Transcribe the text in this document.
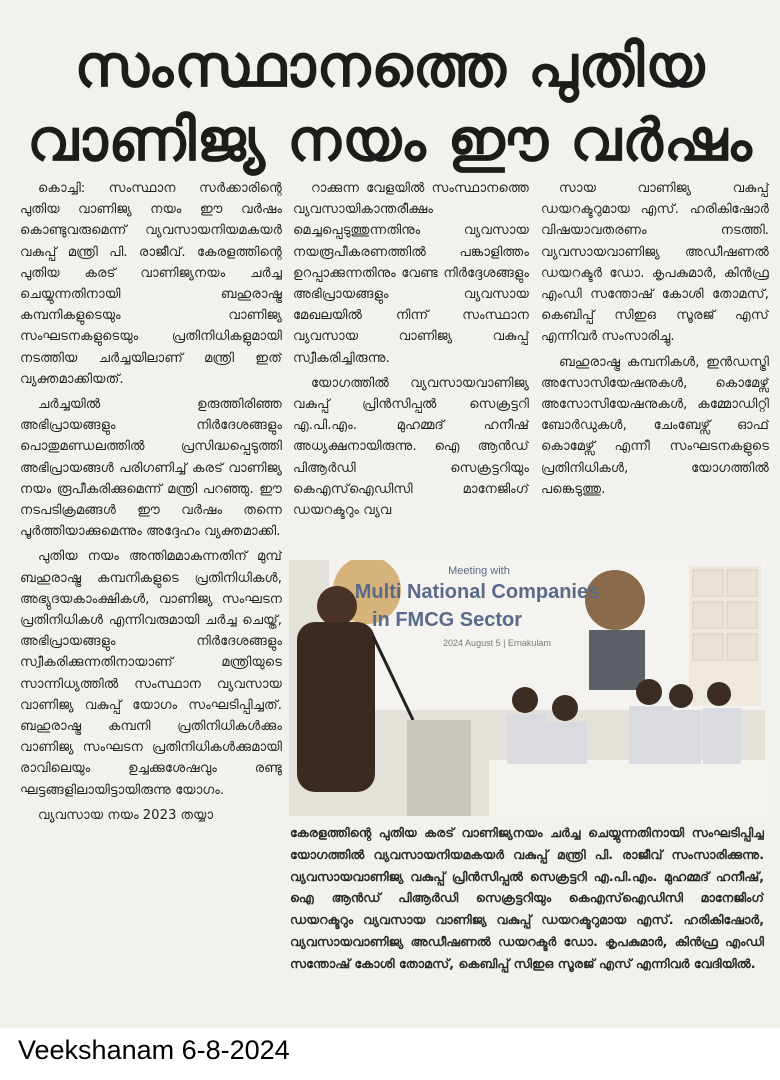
സംസ്ഥാനത്തെ പുതിയ
വാണിജ്യ നയം ഈ വർഷം

കൊച്ചി: സംസ്ഥാന സർക്കാരിന്റെ പുതിയ വാണിജ്യ നയം ഈ വർഷം കൊണ്ടുവരുമെന്ന് വ്യവസായനിയമകയർ വകുപ്പ് മന്ത്രി പി. രാജീവ്. കേരളത്തിന്റെ പുതിയ കരട് വാണിജ്യനയം ചർച്ച ചെയ്യുന്നതിനായി ബഹുരാഷ്ട്ര കമ്പനികളുടെയും വാണിജ്യ സംഘടനകളുടെയും പ്രതിനിധികളുമായി നടത്തിയ ചർച്ചയിലാണ് മന്ത്രി ഇത് വ്യക്തമാക്കിയത്.

ചർച്ചയിൽ ഉരുത്തിരിഞ്ഞ അഭിപ്രായങ്ങളും നിർദേശങ്ങളും പൊതുമണ്ഡലത്തിൽ പ്രസിദ്ധപ്പെടുത്തി അഭിപ്രായങ്ങൾ പരിഗണിച്ച് കരട് വാണിജ്യ നയം രൂപീകരിക്കുമെന്ന് മന്ത്രി പറഞ്ഞു. ഈ നടപടിക്രമങ്ങൾ ഈ വർഷം തന്നെ പൂർത്തിയാക്കുമെന്നും അദ്ദേഹം വ്യക്തമാക്കി.

പുതിയ നയം അന്തിമമാകുന്നതിന് മുമ്പ് ബഹുരാഷ്ട്ര കമ്പനികളുടെ പ്രതിനിധികൾ, അഭ്യുദയകാംക്ഷികൾ, വാണിജ്യ സംഘടന പ്രതിനിധികൾ എന്നിവരുമായി ചർച്ച ചെയ്ത്, അഭിപ്രായങ്ങളും നിർദേശങ്ങളും സ്വീകരിക്കുന്നതിനായാണ് മന്ത്രിയുടെ സാന്നിധ്യത്തിൽ സംസ്ഥാന വ്യവസായ വാണിജ്യ വകുപ്പ് യോഗം സംഘടിപ്പിച്ചത്. ബഹുരാഷ്ട്ര കമ്പനി പ്രതിനിധികൾക്കും വാണിജ്യ സംഘടന പ്രതിനിധികൾക്കുമായി രാവിലെയും ഉച്ചക്കുശേഷവും രണ്ടു ഘട്ടങ്ങളിലായിട്ടായിരുന്നു യോഗം.

വ്യവസായ നയം 2023 തയ്യാ

റാക്കുന്ന വേളയിൽ സംസ്ഥാനത്തെ വ്യവസായികാന്തരീക്ഷം മെച്ചപ്പെടുത്തുന്നതിനും വ്യവസായ നയരൂപീകരണത്തിൽ പങ്കാളിത്തം ഉറപ്പാക്കുന്നതിനും വേണ്ട നിർദ്ദേശങ്ങളും അഭിപ്രായങ്ങളും വ്യവസായ മേഖലയിൽ നിന്ന് സംസ്ഥാന വ്യവസായ വാണിജ്യ വകുപ്പ് സ്വീകരിച്ചിരുന്നു.

യോഗത്തിൽ വ്യവസായവാണിജ്യ വകുപ്പ് പ്രിൻസിപ്പൽ സെക്രട്ടറി എ.പി.എം. മുഹമ്മദ് ഹനീഷ് അധ്യക്ഷനായിരുന്നു. ഐ ആൻഡ് പിആർഡി സെക്രട്ടറിയും കെഎസ്ഐഡിസി മാനേജിംഗ് ഡയറക്ടറും വ്യവ

സായ വാണിജ്യ വകുപ്പ് ഡയറക്ടറുമായ എസ്. ഹരികിഷോർ വിഷയാവതരണം നടത്തി. വ്യവസായവാണിജ്യ അഡീഷണൽ ഡയറക്ടർ ഡോ. കൃപകുമാർ, കിൻഫ്ര എംഡി സന്തോഷ് കോശി തോമസ്, കെബിപ്പ് സിഇഒ സൂരജ് എസ് എന്നിവർ സംസാരിച്ചു.

ബഹുരാഷ്ട്ര കമ്പനികൾ, ഇൻഡസ്ട്രി അസോസിയേഷനുകൾ, കൊമേഴ്സ് അസോസിയേഷനുകൾ, കമ്മോഡിറ്റി ബോർഡുകൾ, ചേംബേഴ്സ് ഓഫ് കൊമേഴ്സ് എന്നീ സംഘടനകളുടെ പ്രതിനിധികൾ, യോഗത്തിൽ പങ്കെടുത്തു.

Meeting with
Multi National Companies
in FMCG Sector
2024 August 5 | Ernakulam
കേരളത്തിന്റെ പുതിയ കരട് വാണിജ്യനയം ചർച്ച ചെയ്യുന്നതിനായി സംഘടിപ്പിച്ച യോഗത്തിൽ വ്യവസായനിയമകയർ വകുപ്പ് മന്ത്രി പി. രാജീവ് സംസാരിക്കുന്നു. വ്യവസായവാണിജ്യ വകുപ്പ് പ്രിൻസിപ്പൽ സെക്രട്ടറി എ.പി.എം. മുഹമ്മദ് ഹനീഷ്, ഐ ആൻഡ് പിആർഡി സെക്രട്ടറിയും കെഎസ്ഐഡിസി മാനേജിംഗ് ഡയറക്ടറും വ്യവസായ വാണിജ്യ വകുപ്പ് ഡയറക്ടറുമായ എസ്. ഹരികിഷോർ, വ്യവസായവാണിജ്യ അഡീഷണൽ ഡയറക്ടർ ഡോ. കൃപകുമാർ, കിൻഫ്ര എംഡി സന്തോഷ് കോശി തോമസ്, കെബിപ്പ് സിഇഒ സൂരജ് എസ് എന്നിവർ വേദിയിൽ.
Veekshanam 6-8-2024
